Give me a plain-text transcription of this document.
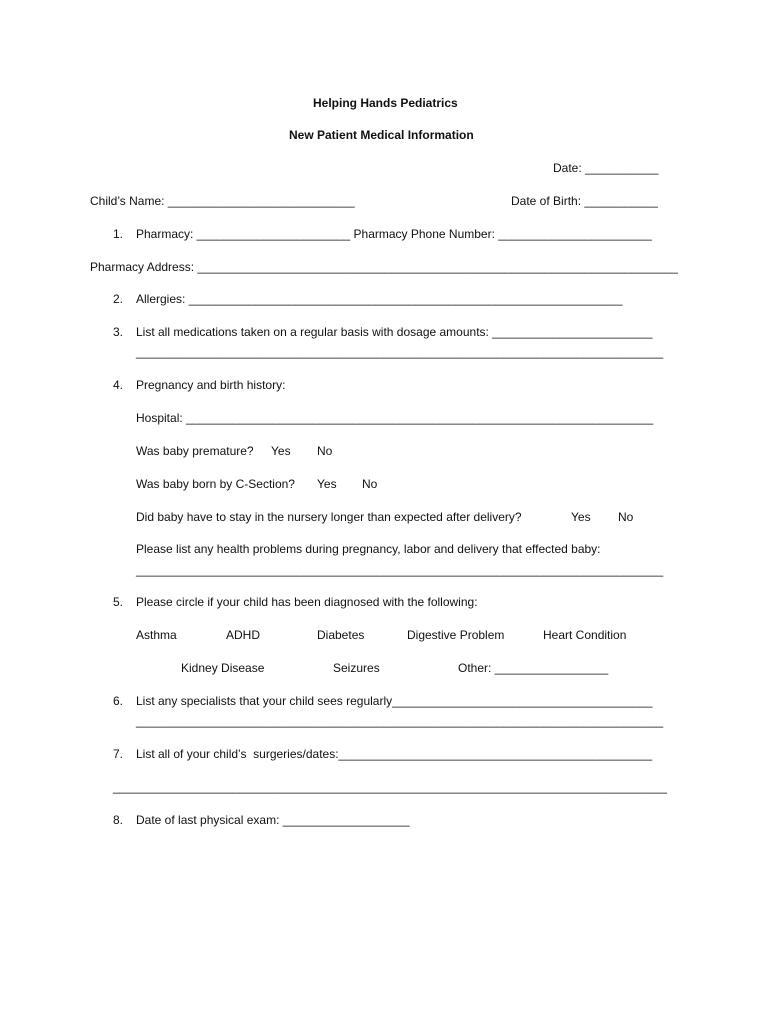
Helping Hands Pediatrics
New Patient Medical Information
Date: ___________
Child’s Name: ____________________________	Date of Birth: ___________
1. Pharmacy: _______________________ Pharmacy Phone Number: _______________________
Pharmacy Address: ________________________________________________________________________
2. Allergies: _________________________________________________________________
3. List all medications taken on a regular basis with dosage amounts: ________________________
_______________________________________________________________________________
4. Pregnancy and birth history:
Hospital: ______________________________________________________________________
Was baby premature? Yes No
Was baby born by C-Section? Yes No
Did baby have to stay in the nursery longer than expected after delivery?	Yes No
Please list any health problems during pregnancy, labor and delivery that effected baby:
_______________________________________________________________________________
5. Please circle if your child has been diagnosed with the following:
Asthma	ADHD	Diabetes	Digestive Problem	Heart Condition
Kidney Disease	Seizures	Other: _________________
6. List any specialists that your child sees regularly_______________________________________
_______________________________________________________________________________
7. List all of your child’s  surgeries/dates:_______________________________________________
___________________________________________________________________________________
8. Date of last physical exam: ___________________
